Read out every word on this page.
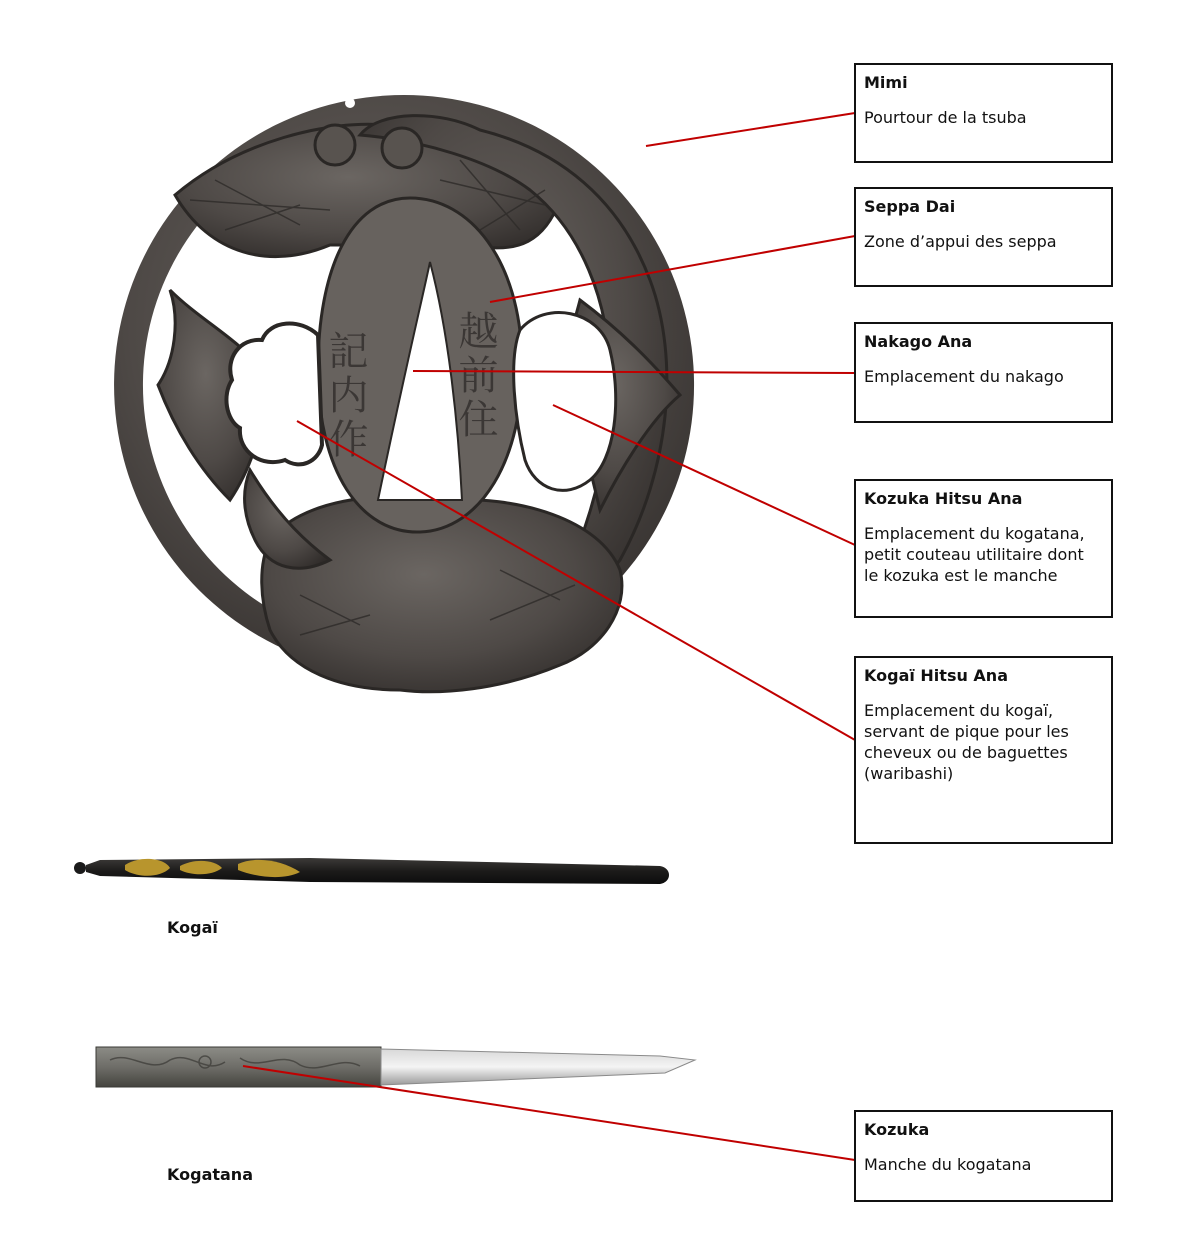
越前住
記内作

Mimi

Pourtour de la tsuba

Seppa Dai

Zone d’appui des seppa

Nakago Ana

Emplacement du nakago

Kozuka Hitsu Ana

Emplacement du kogatana, petit couteau utilitaire dont le kozuka est le manche

Kogaï Hitsu Ana

Emplacement du kogaï, servant de pique pour les cheveux ou de baguettes (waribashi)

Kozuka

Manche du kogatana

Kogaï
Kogatana
